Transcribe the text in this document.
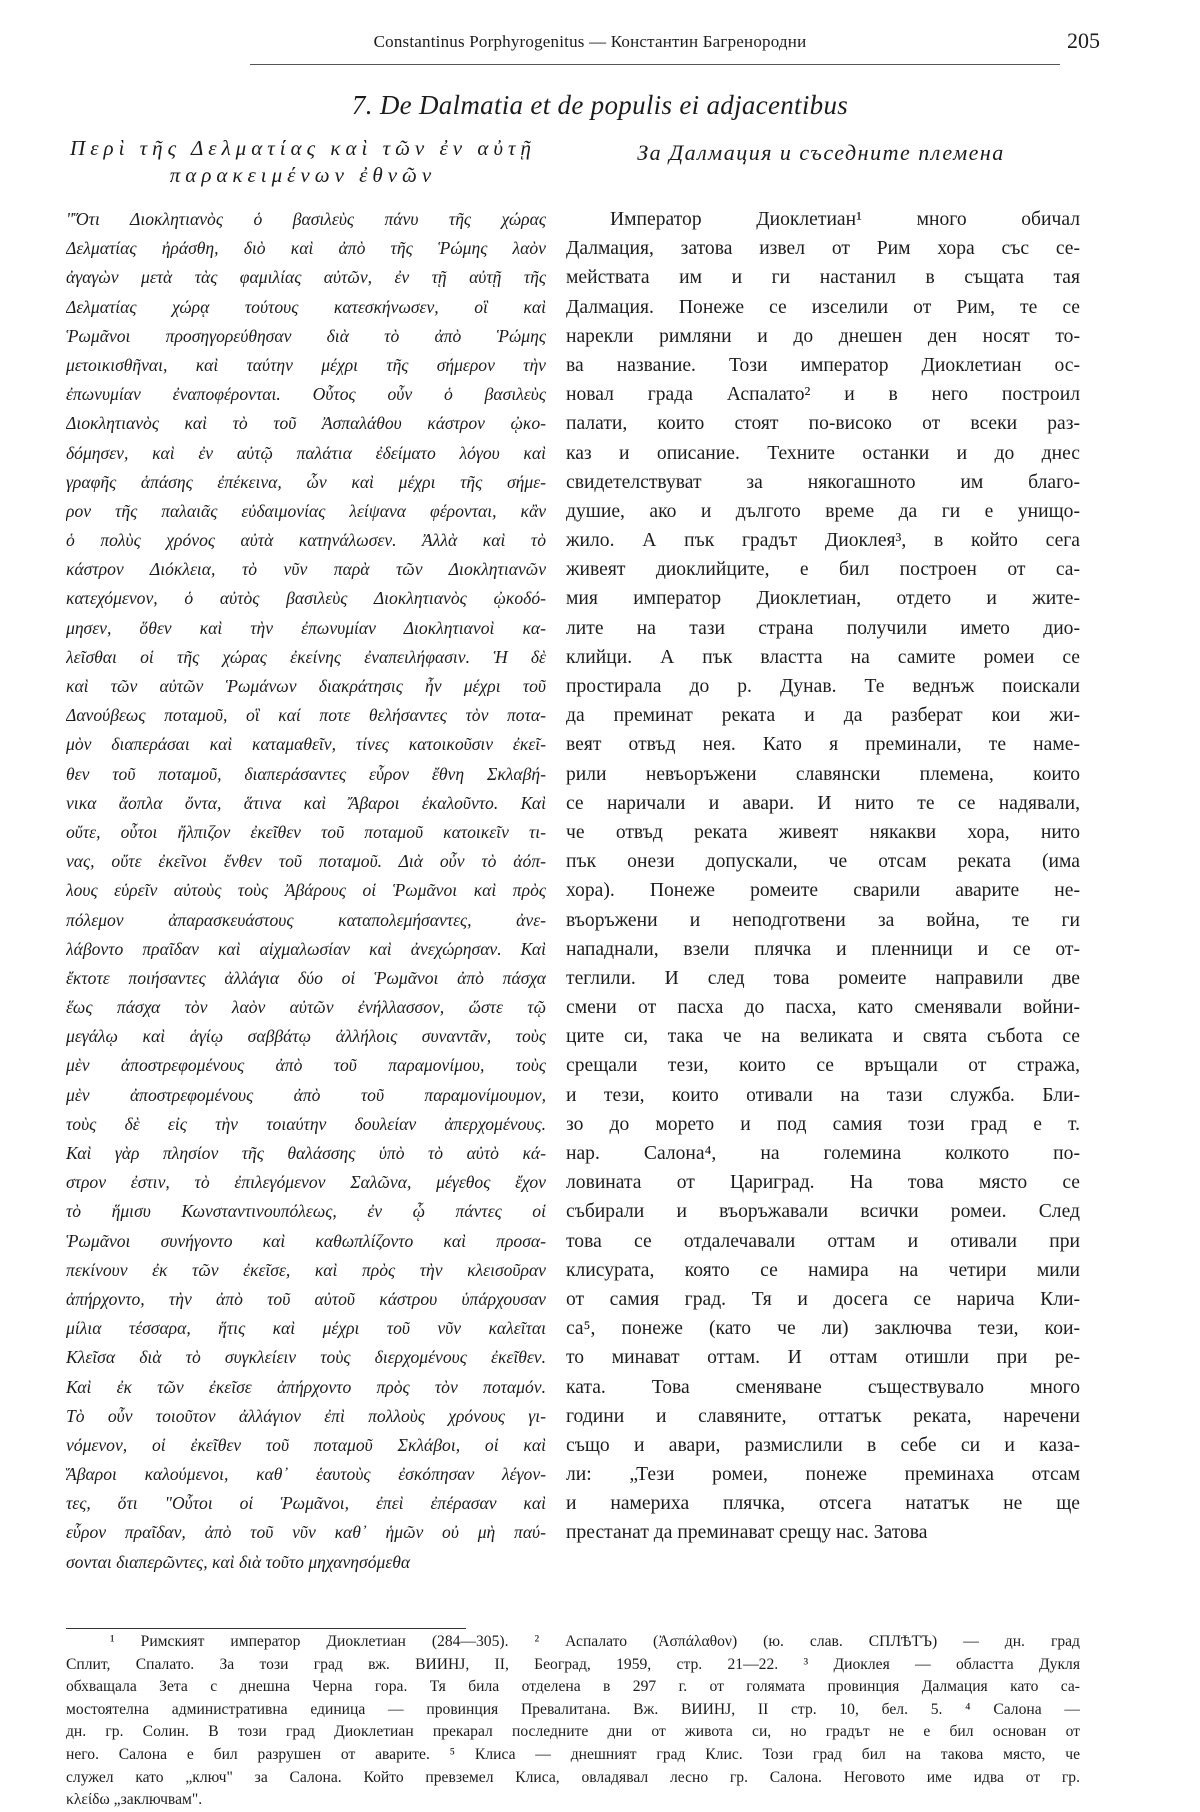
Constantinus Porphyrogenitus — Константин Багренородни	205
7. De Dalmatia et de populis ei adjacentibus
Περὶ τῆς Δελματίας καὶ τῶν ἐν αὐτῇ
παρακειμένων ἐθνῶν
За Далмация и съседните племена
"Ὅτι Διοκλητιανὸς ὁ βασιλεὺς πάνυ τῆς χώρας
Δελματίας ἠράσθη, διὸ καὶ ἀπὸ τῆς Ῥώμης λαὸν
ἀγαγὼν μετὰ τὰς φαμιλίας αὐτῶν, ἐν τῇ αὐτῇ τῆς
Δελματίας χώρᾳ τούτους κατεσκήνωσεν, οἳ καὶ
Ῥωμᾶνοι προσηγορεύθησαν διὰ τὸ ἀπὸ Ῥώμης
μετοικισθῆναι, καὶ ταύτην μέχρι τῆς σήμερον τὴν
ἐπωνυμίαν ἐναποφέρονται. Οὗτος οὖν ὁ βασιλεὺς
Διοκλητιανὸς καὶ τὸ τοῦ Ἀσπαλάθου κάστρον ᾠκο-
δόμησεν, καὶ ἐν αὐτῷ παλάτια ἐδείματο λόγου καὶ
γραφῆς ἁπάσης ἐπέκεινα, ὧν καὶ μέχρι τῆς σήμε-
ρον τῆς παλαιᾶς εὐδαιμονίας λείψανα φέρονται, κἂν
ὁ πολὺς χρόνος αὐτὰ κατηνάλωσεν. Ἀλλὰ καὶ τὸ
κάστρον Διόκλεια, τὸ νῦν παρὰ τῶν Διοκλητιανῶν
κατεχόμενον, ὁ αὐτὸς βασιλεὺς Διοκλητιανὸς ᾠκοδό-
μησεν, ὅθεν καὶ τὴν ἐπωνυμίαν Διοκλητιανοὶ κα-
λεῖσθαι οἱ τῆς χώρας ἐκείνης ἐναπειλήφασιν. Ἡ δὲ
καὶ τῶν αὐτῶν Ῥωμάνων διακράτησις ἦν μέχρι τοῦ
Δανούβεως ποταμοῦ, οἳ καί ποτε θελήσαντες τὸν ποτα-
μὸν διαπεράσαι καὶ καταμαθεῖν, τίνες κατοικοῦσιν ἐκεῖ-
θεν τοῦ ποταμοῦ, διαπεράσαντες εὗρον ἔθνη Σκλαβή-
νικα ἄοπλα ὄντα, ἅτινα καὶ Ἄβαροι ἐκαλοῦντο. Καὶ
οὔτε, οὗτοι ἤλπιζον ἐκεῖθεν τοῦ ποταμοῦ κατοικεῖν τι-
νας, οὔτε ἐκεῖνοι ἔνθεν τοῦ ποταμοῦ. Διὰ οὖν τὸ ἀόπ-
λους εὑρεῖν αὐτοὺς τοὺς Ἀβάρους οἱ Ῥωμᾶνοι καὶ πρὸς
πόλεμον ἀπαρασκευάστους καταπολεμήσαντες, ἀνε-
λάβοντο πραῖδαν καὶ αἰχμαλωσίαν καὶ ἀνεχώρησαν. Καὶ
ἔκτοτε ποιήσαντες ἀλλάγια δύο οἱ Ῥωμᾶνοι ἀπὸ πάσχα
ἕως πάσχα τὸν λαὸν αὐτῶν ἐνήλλασσον, ὥστε τῷ
μεγάλῳ καὶ ἁγίῳ σαββάτῳ ἀλλήλοις συναντᾶν, τοὺς
μὲν ἀποστρεφομένους ἀπὸ τοῦ παραμονίμου, τοὺς
μὲν ἀποστρεφομένους ἀπὸ τοῦ παραμονίμουμον,
τοὺς δὲ εἰς τὴν τοιαύτην δουλείαν ἀπερχομένους.
Καὶ γὰρ πλησίον τῆς θαλάσσης ὑπὸ τὸ αὐτὸ κά-
στρον ἐστιν, τὸ ἐπιλεγόμενον Σαλῶνα, μέγεθος ἔχον
τὸ ἥμισυ Κωνσταντινουπόλεως, ἐν ᾧ πάντες οἱ
Ῥωμᾶνοι συνήγοντο καὶ καθωπλίζοντο καὶ προσα-
πεκίνουν ἐκ τῶν ἐκεῖσε, καὶ πρὸς τὴν κλεισοῦραν
ἀπήρχοντο, τὴν ἀπὸ τοῦ αὐτοῦ κάστρου ὑπάρχουσαν
μίλια τέσσαρα, ἥτις καὶ μέχρι τοῦ νῦν καλεῖται
Κλεῖσα διὰ τὸ συγκλείειν τοὺς διερχομένους ἐκεῖθεν.
Καὶ ἐκ τῶν ἐκεῖσε ἀπήρχοντο πρὸς τὸν ποταμόν.
Τὸ οὖν τοιοῦτον ἀλλάγιον ἐπὶ πολλοὺς χρόνους γι-
νόμενον, οἱ ἐκεῖθεν τοῦ ποταμοῦ Σκλάβοι, οἱ καὶ
Ἄβαροι καλούμενοι, καθ᾽ ἑαυτοὺς ἐσκόπησαν λέγον-
τες, ὅτι "Οὗτοι οἱ Ῥωμᾶνοι, ἐπεὶ ἐπέρασαν καὶ
εὗρον πραῖδαν, ἀπὸ τοῦ νῦν καθ᾽ ἡμῶν οὐ μὴ παύ-
σονται διαπερῶντες, καὶ διὰ τοῦτο μηχανησόμεθα
Император Диоклетиан¹ много обичал
Далмация, затова извел от Рим хора със се-
мействата им и ги настанил в същата тая
Далмация. Понеже се изселили от Рим, те се
нарекли римляни и до днешен ден носят то-
ва название. Този император Диоклетиан ос-
новал града Аспалато² и в него построил
палати, които стоят по-високо от всеки раз-
каз и описание. Техните останки и до днес
свидетелствуват за някогашното им благо-
душие, ако и дългото време да ги е унищо-
жило. А пък градът Диоклея³, в който сега
живеят диоклийците, е бил построен от са-
мия император Диоклетиан, отдето и жите-
лите на тази страна получили името дио-
клийци. А пък властта на самите ромеи се
простирала до р. Дунав. Те веднъж поискали
да преминат реката и да разберат кои жи-
веят отвъд нея. Като я преминали, те наме-
рили невъоръжени славянски племена, които
се наричали и авари. И нито те се надявали,
че отвъд реката живеят някакви хора, нито
пък онези допускали, че отсам реката (има
хора). Понеже ромеите сварили аварите не-
въоръжени и неподготвени за война, те ги
нападнали, взели плячка и пленници и се от-
теглили. И след това ромеите направили две
смени от пасха до пасха, като сменявали войни-
ците си, така че на великата и свята събота се
срещали тези, които се връщали от стража,
и тези, които отивали на тази служба. Бли-
зо до морето и под самия този град е т.
нар. Салона⁴, на големина колкото по-
ловината от Цариград. На това място се
събирали и въоръжавали всички ромеи. След
това се отдалечавали оттам и отивали при
клисурата, която се намира на четири мили
от самия град. Тя и досега се нарича Кли-
са⁵, понеже (като че ли) заключва тези, кои-
то минават оттам. И оттам отишли при ре-
ката. Това сменяване съществувало много
години и славяните, оттатък реката, наречени
също и авари, размислили в себе си и каза-
ли: „Тези ромеи, понеже преминаха отсам
и намериха плячка, отсега нататък не ще
престанат да преминават срещу нас. Затова
¹ Римският император Диоклетиан (284—305). ² Аспалато (Ἀσπάλαθον) (ю. слав. СПЛѢТЪ) — дн. град
Сплит, Спалато. За този град вж. ВИИНЈ, II, Београд, 1959, стр. 21—22. ³ Диоклея — областта Дукля
обхващала Зета с днешна Черна гора. Тя била отделена в 297 г. от голямата провинция Далмация като са-
мостоятелна административна единица — провинция Превалитана. Вж. ВИИНЈ, II стр. 10, бел. 5. ⁴ Салона —
дн. гр. Солин. В този град Диоклетиан прекарал последните дни от живота си, но градът не е бил основан от
него. Салона е бил разрушен от аварите. ⁵ Клиса — днешният град Клис. Този град бил на такова място, че
служел като „ключ" за Салона. Който превземел Клиса, овладявал лесно гр. Салона. Неговото име идва от гр.
κλείδω „заключвам".
